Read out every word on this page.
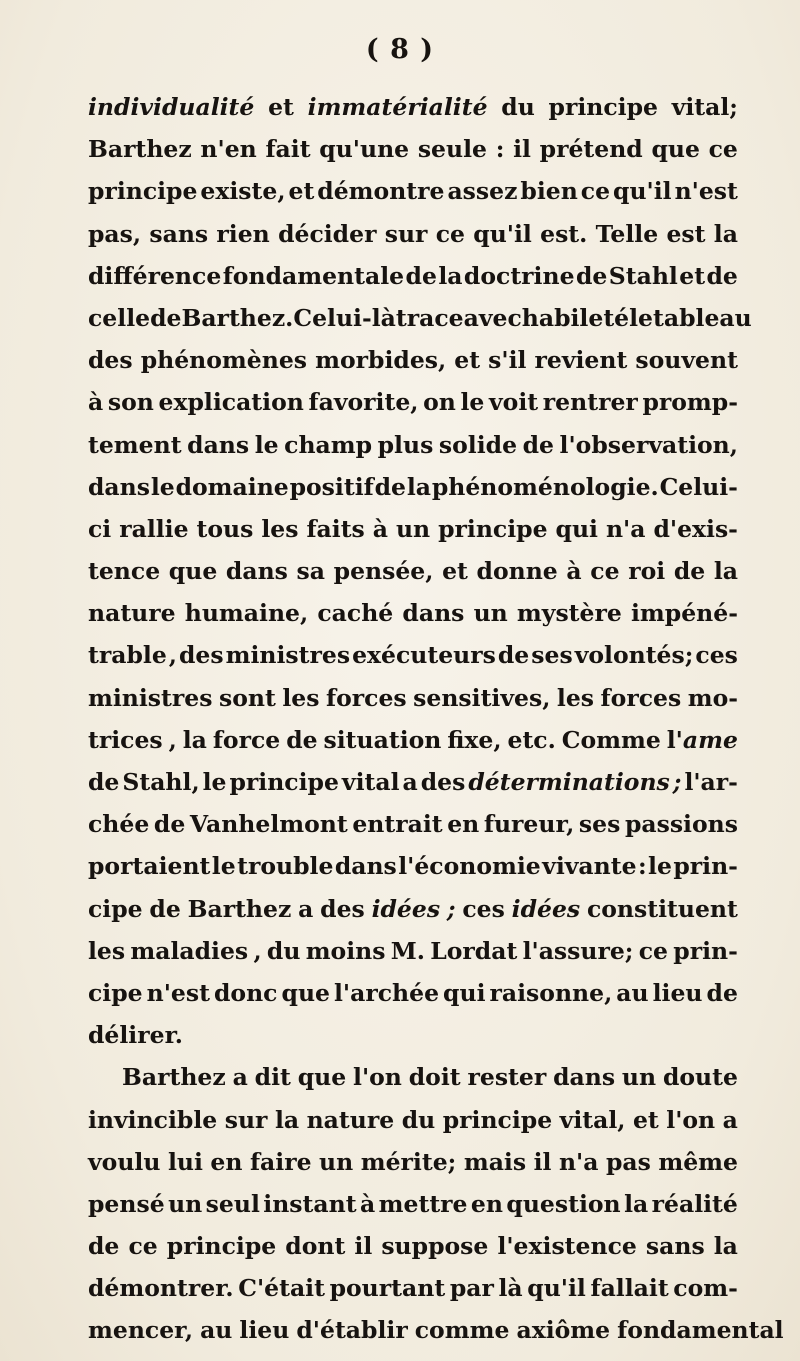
( 8 )
individualité et immatérialité du principe vital;
Barthez n'en fait qu'une seule : il prétend que ce
principe existe, et démontre assez bien ce qu'il n'est
pas, sans rien décider sur ce qu'il est. Telle est la
différence fondamentale de la doctrine de Stahl et de
celle de Barthez. Celui-là trace avec habileté le tableau
des phénomènes morbides, et s'il revient souvent
à son explication favorite, on le voit rentrer promp-
tement dans le champ plus solide de l'observation,
dans le domaine positif de la phénoménologie. Celui-
ci rallie tous les faits à un principe qui n'a d'exis-
tence que dans sa pensée, et donne à ce roi de la
nature humaine, caché dans un mystère impéné-
trable , des ministres exécuteurs de ses volontés; ces
ministres sont les forces sensitives, les forces mo-
trices , la force de situation fixe, etc. Comme l'ame
de Stahl, le principe vital a des déterminations ; l'ar-
chée de Vanhelmont entrait en fureur, ses passions
portaient le trouble dans l'économie vivante : le prin-
cipe de Barthez a des idées ; ces idées constituent
les maladies , du moins M. Lordat l'assure; ce prin-
cipe n'est donc que l'archée qui raisonne, au lieu de
délirer.
Barthez a dit que l'on doit rester dans un doute
invincible sur la nature du principe vital, et l'on a
voulu lui en faire un mérite; mais il n'a pas même
pensé un seul instant à mettre en question la réalité
de ce principe dont il suppose l'existence sans la
démontrer. C'était pourtant par là qu'il fallait com-
mencer, au lieu d'établir comme axiôme fondamental
